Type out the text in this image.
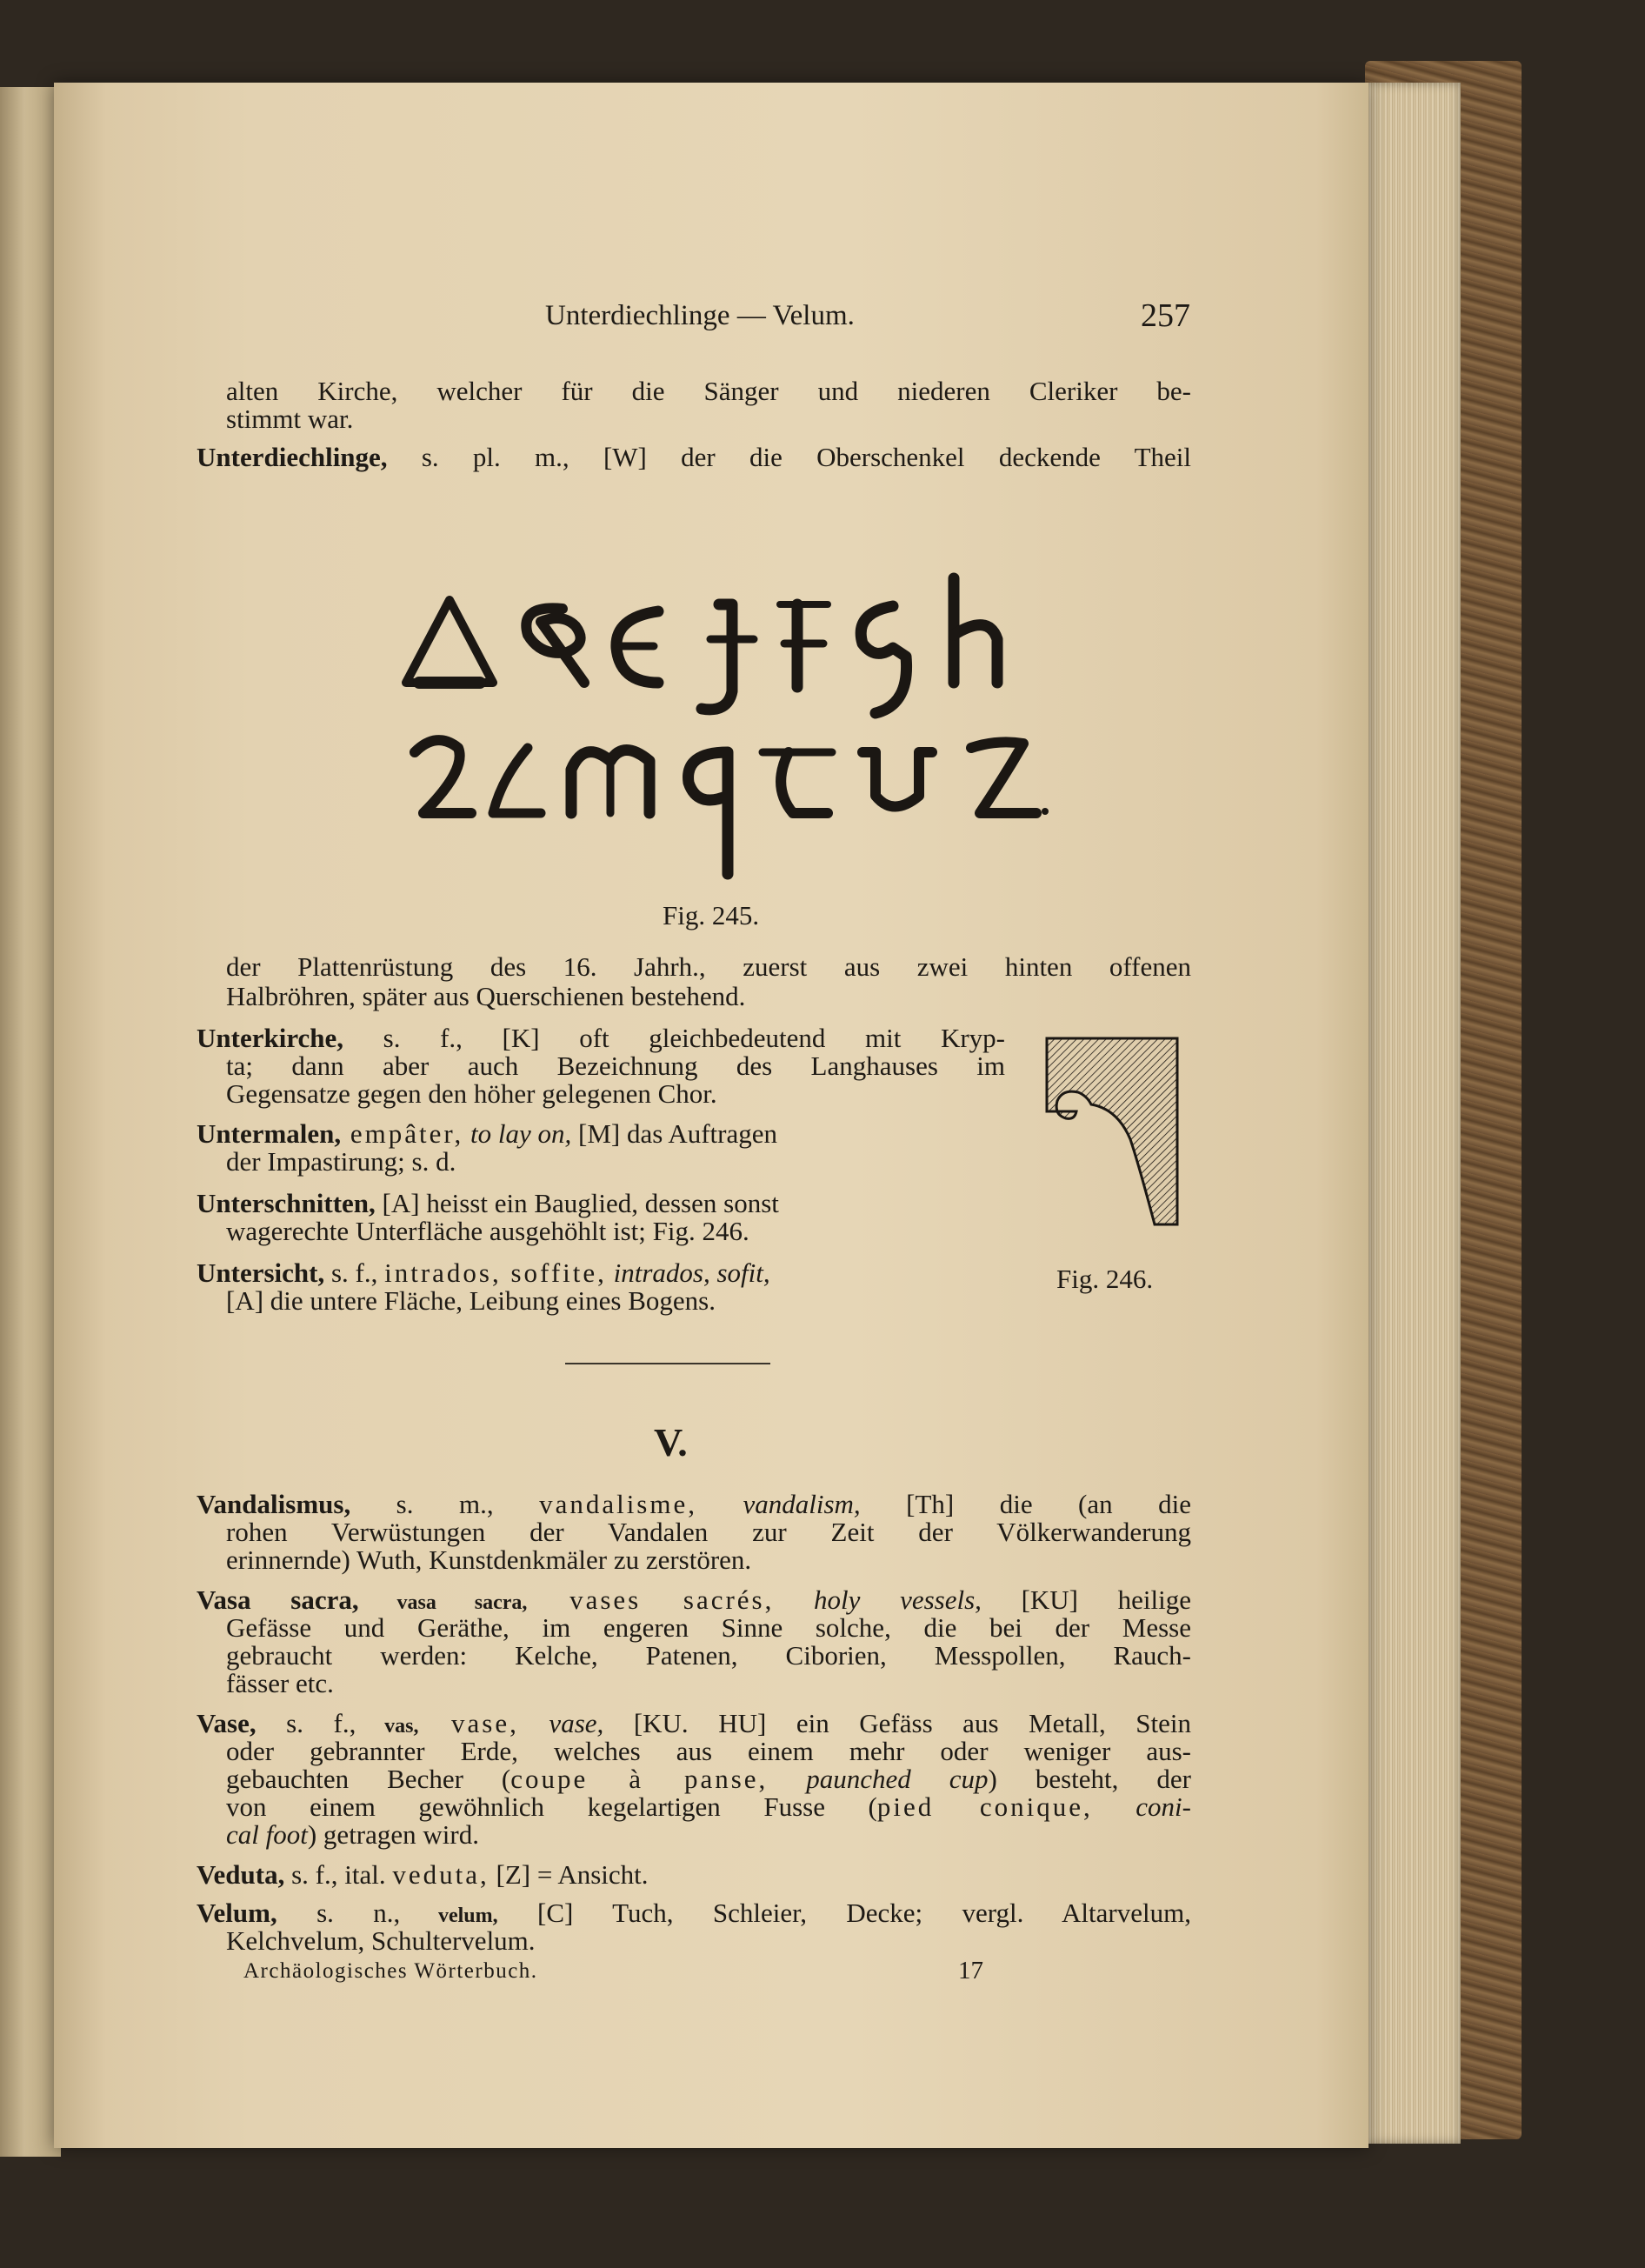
Unterdiechlinge — Velum.	257
alten Kirche, welcher für die Sänger und niederen Cleriker be-
stimmt war.
Unterdiechlinge, s. pl. m., [W] der die Oberschenkel deckende Theil
Fig. 245.
der Plattenrüstung des 16. Jahrh., zuerst aus zwei hinten offenen
Halbröhren, später aus Querschienen bestehend.
Unterkirche, s. f., [K] oft gleichbedeutend mit Kryp-
ta; dann aber auch Bezeichnung des Langhauses im
Gegensatze gegen den höher gelegenen Chor.
Untermalen, empâter, to lay on, [M] das Auftragen
der Impastirung; s. d.
Unterschnitten, [A] heisst ein Bauglied, dessen sonst
wagerechte Unterfläche ausgehöhlt ist; Fig. 246.
Untersicht, s. f., intrados, soffite, intrados, sofit,
[A] die untere Fläche, Leibung eines Bogens.
Fig. 246.
V.
Vandalismus, s. m., vandalisme, vandalism, [Th] die (an die
rohen Verwüstungen der Vandalen zur Zeit der Völkerwanderung
erinnernde) Wuth, Kunstdenkmäler zu zerstören.
Vasa sacra, vasa sacra, vases sacrés, holy vessels, [KU] heilige
Gefässe und Geräthe, im engeren Sinne solche, die bei der Messe
gebraucht werden: Kelche, Patenen, Ciborien, Messpollen, Rauch-
fässer etc.
Vase, s. f., vas, vase, vase, [KU. HU] ein Gefäss aus Metall, Stein
oder gebrannter Erde, welches aus einem mehr oder weniger aus-
gebauchten Becher (coupe à panse, paunched cup) besteht, der
von einem gewöhnlich kegelartigen Fusse (pied conique, coni-
cal foot) getragen wird.
Veduta, s. f., ital. veduta, [Z] = Ansicht.
Velum, s. n., velum, [C] Tuch, Schleier, Decke; vergl. Altarvelum,
Kelchvelum, Schultervelum.
Archäologisches Wörterbuch.	17
